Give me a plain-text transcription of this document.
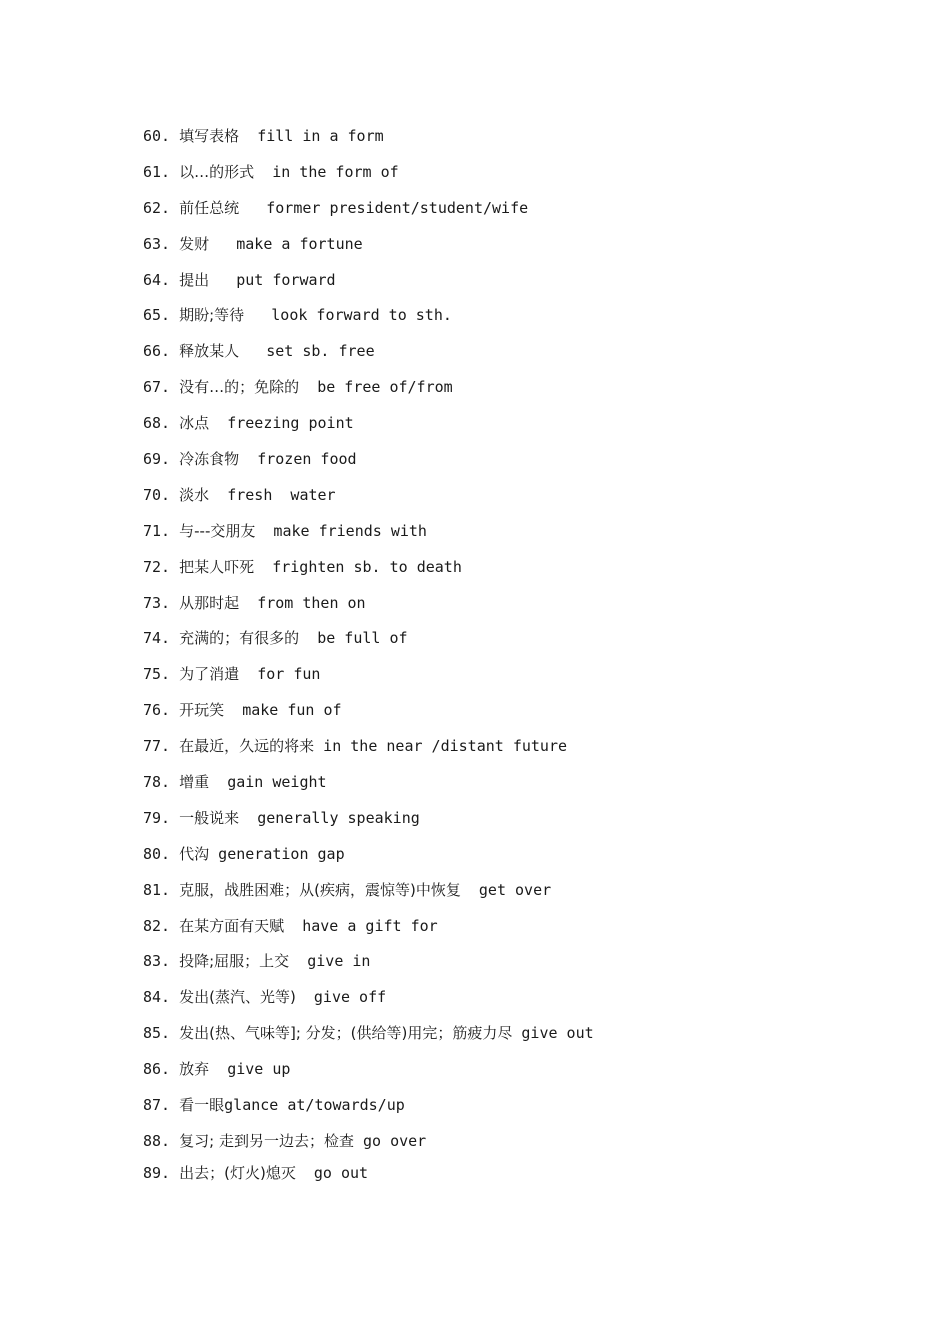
60. 填写表格  fill in a form
61. 以…的形式  in the form of
62. 前任总统   former president/student/wife
63. 发财   make a fortune
64. 提出   put forward
65. 期盼;等待   look forward to sth.
66. 释放某人   set sb. free
67. 没有…的；免除的  be free of/from
68. 冰点  freezing point
69. 冷冻食物  frozen food
70. 淡水  fresh  water
71. 与---交朋友  make friends with
72. 把某人吓死  frighten sb. to death
73. 从那时起  from then on
74. 充满的；有很多的  be full of
75. 为了消遣  for fun
76. 开玩笑  make fun of
77. 在最近，久远的将来 in the near /distant future
78. 增重  gain weight
79. 一般说来  generally speaking
80. 代沟 generation gap
81. 克服，战胜困难；从(疾病，震惊等)中恢复  get over
82. 在某方面有天赋  have a gift for
83. 投降;屈服；上交  give in
84. 发出(蒸汽、光等)  give off
85. 发出(热、气味等]; 分发；(供给等)用完；筋疲力尽 give out
86. 放弃  give up
87. 看一眼glance at/towards/up
88. 复习; 走到另一边去；检查 go over
89. 出去；(灯火)熄灭  go out
